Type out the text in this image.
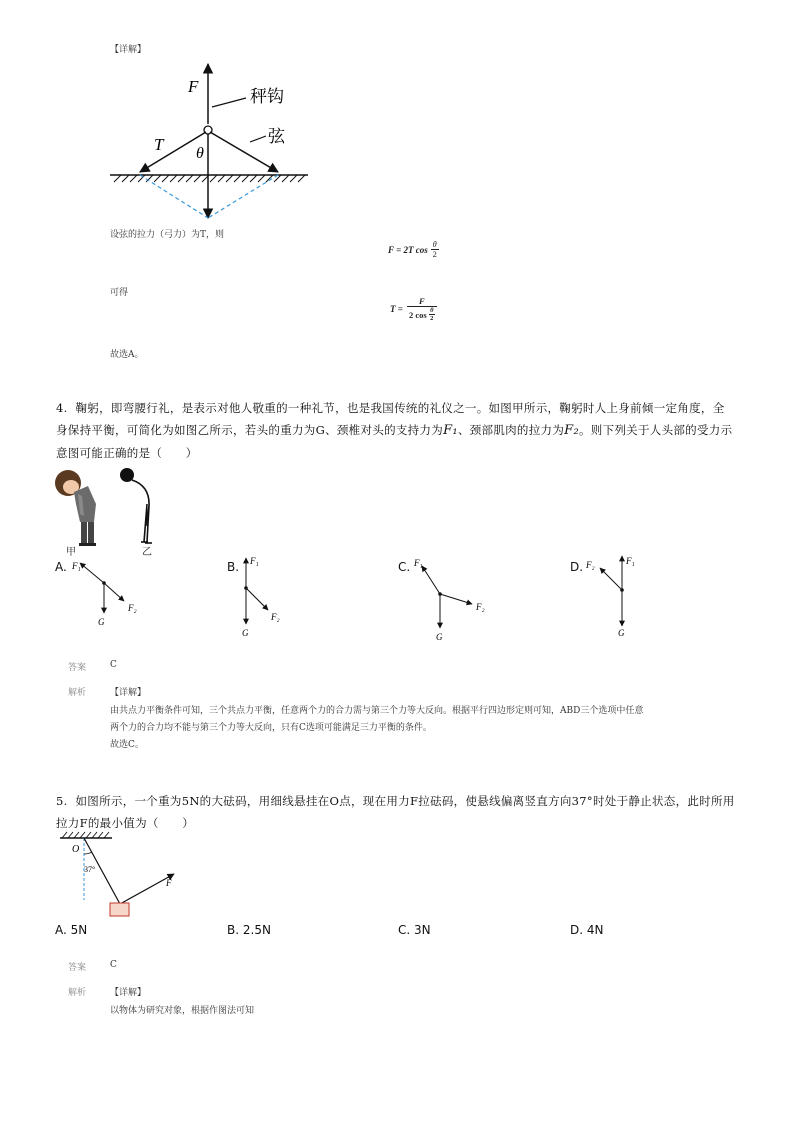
【详解】
F
秤钩
T	弦
θ
设弦的拉力（弓力）为T，则
F = 2T cos θ
2
可得
T =
F
2 cos θ
2
故选A。
4. 鞠躬，即弯腰行礼，是表示对他人敬重的一种礼节，也是我国传统的礼仪之一。如图甲所示，鞠躬时人上身前倾一定角度，全
身保持平衡，可简化为如图乙所示，若头的重力为G、颈椎对头的支持力为F₁、颈部肌肉的拉力为F₂。则下列关于人头部的受力示
意图可能正确的是（　　）
甲	乙
A. F₁
F₂
G
B. F₁
F₂
G
C. F₁
F₂
G
D.	F₁
F₂
G
答案	C
解析	【详解】
由共点力平衡条件可知，三个共点力平衡，任意两个力的合力需与第三个力等大反向。根据平行四边形定则可知，ABD三个选项中任意
两个力的合力均不能与第三个力等大反向，只有C选项可能满足三力平衡的条件。
故选C。
5. 如图所示，一个重为5N的大砝码，用细线悬挂在O点，现在用力F拉砝码，使悬线偏离竖直方向37°时处于静止状态，此时所用
拉力F的最小值为（　　）
O
37°
F
A. 5N	B. 2.5N	C. 3N	D. 4N
答案	C
解析	【详解】
以物体为研究对象，根据作图法可知
